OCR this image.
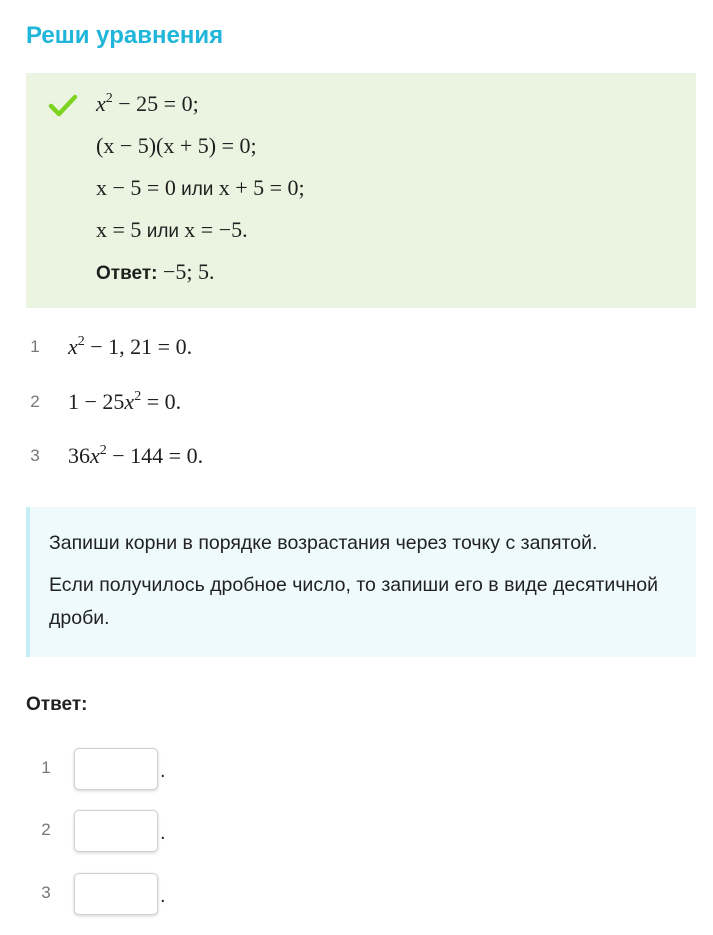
Реши уравнения
$x^2 - 25 = 0$;
(x − 5)(x + 5) = 0;
x − 5 = 0 или x + 5 = 0;
x = 5 или x = −5.
Ответ: −5; 5.
1 $x^2 - 1$, 21 = 0.
2 $1 - 25x^2 = 0$.
3 $36x^2 - 144 = 0$.

Запиши корни в порядке возрастания через точку с запятой.

Если получилось дробное число, то запиши его в виде десятичной дроби.

Ответ:
1	.
2	.
3	.
